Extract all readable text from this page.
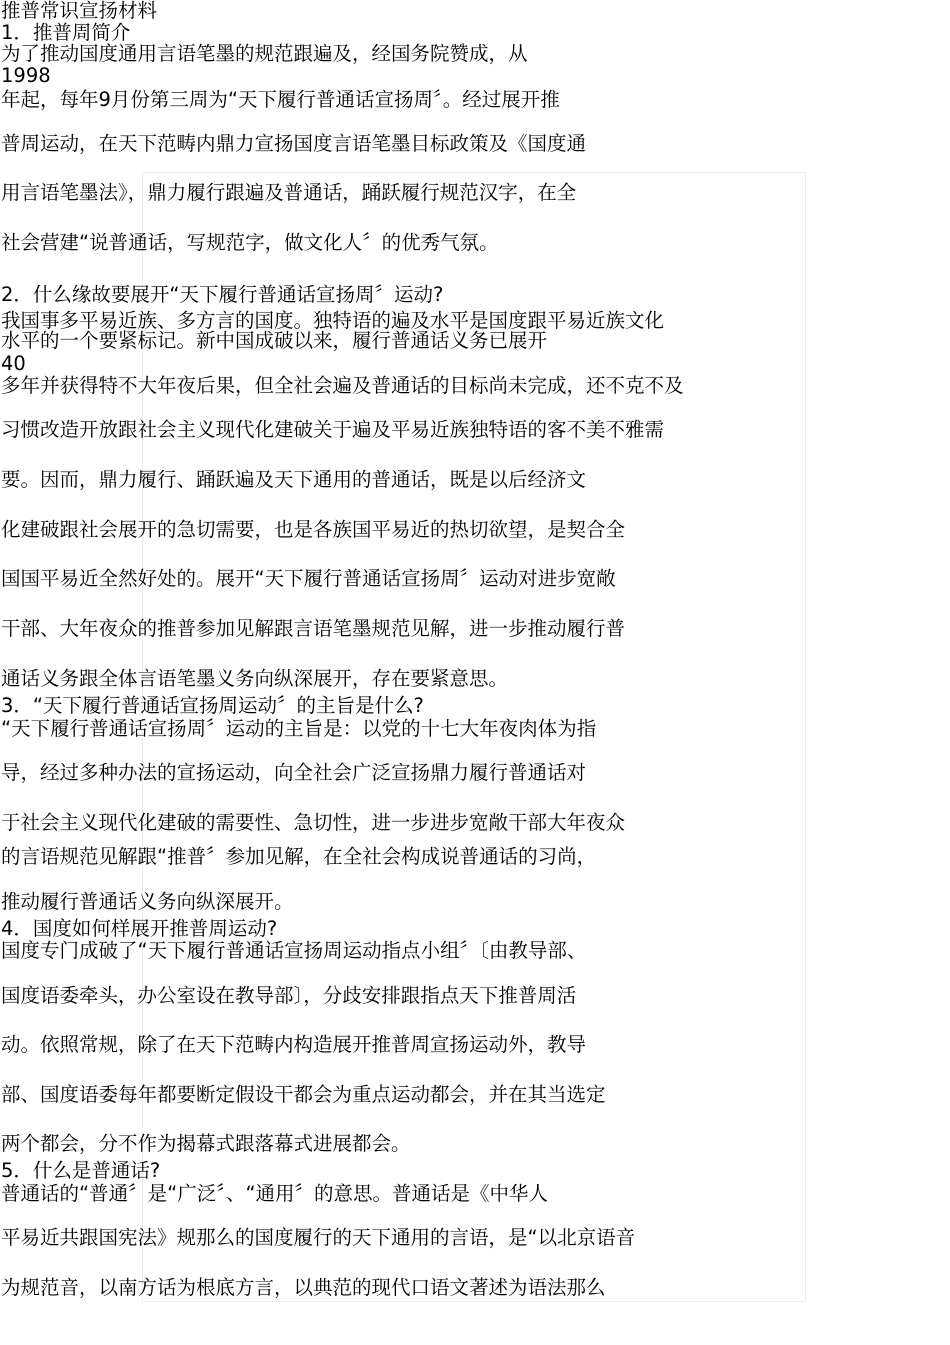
推普常识宣扬材料

1．推普周简介

为了推动国度通用言语笔墨的规范跟遍及，经国务院赞成，从

1998

年起，每年9月份第三周为“天下履行普通话宣扬周〞。经过展开推

普周运动，在天下范畴内鼎力宣扬国度言语笔墨目标政策及《国度通

用言语笔墨法》，鼎力履行跟遍及普通话，踊跃履行规范汉字，在全

社会营建“说普通话，写规范字，做文化人〞的优秀气氛。

2．什么缘故要展开“天下履行普通话宣扬周〞运动?

我国事多平易近族、多方言的国度。独特语的遍及水平是国度跟平易近族文化

水平的一个要紧标记。新中国成破以来，履行普通话义务已展开

40

多年并获得特不大年夜后果，但全社会遍及普通话的目标尚未完成，还不克不及

习惯改造开放跟社会主义现代化建破关于遍及平易近族独特语的客不美不雅需

要。因而，鼎力履行、踊跃遍及天下通用的普通话，既是以后经济文

化建破跟社会展开的急切需要，也是各族国平易近的热切欲望，是契合全

国国平易近全然好处的。展开“天下履行普通话宣扬周〞运动对进步宽敞

干部、大年夜众的推普参加见解跟言语笔墨规范见解，进一步推动履行普

通话义务跟全体言语笔墨义务向纵深展开，存在要紧意思。

3．“天下履行普通话宣扬周运动〞的主旨是什么?

“天下履行普通话宣扬周〞运动的主旨是：以党的十七大年夜肉体为指

导，经过多种办法的宣扬运动，向全社会广泛宣扬鼎力履行普通话对

于社会主义现代化建破的需要性、急切性，进一步进步宽敞干部大年夜众

的言语规范见解跟“推普〞参加见解，在全社会构成说普通话的习尚，

推动履行普通话义务向纵深展开。

4．国度如何样展开推普周运动?

国度专门成破了“天下履行普通话宣扬周运动指点小组〞〔由教导部、

国度语委牵头，办公室设在教导部〕，分歧安排跟指点天下推普周活

动。依照常规，除了在天下范畴内构造展开推普周宣扬运动外，教导

部、国度语委每年都要断定假设干都会为重点运动都会，并在其当选定

两个都会，分不作为揭幕式跟落幕式进展都会。

5．什么是普通话?

普通话的“普通〞是“广泛〞、“通用〞的意思。普通话是《中华人

平易近共跟国宪法》规那么的国度履行的天下通用的言语，是“以北京语音

为规范音，以南方话为根底方言，以典范的现代口语文著述为语法那么
